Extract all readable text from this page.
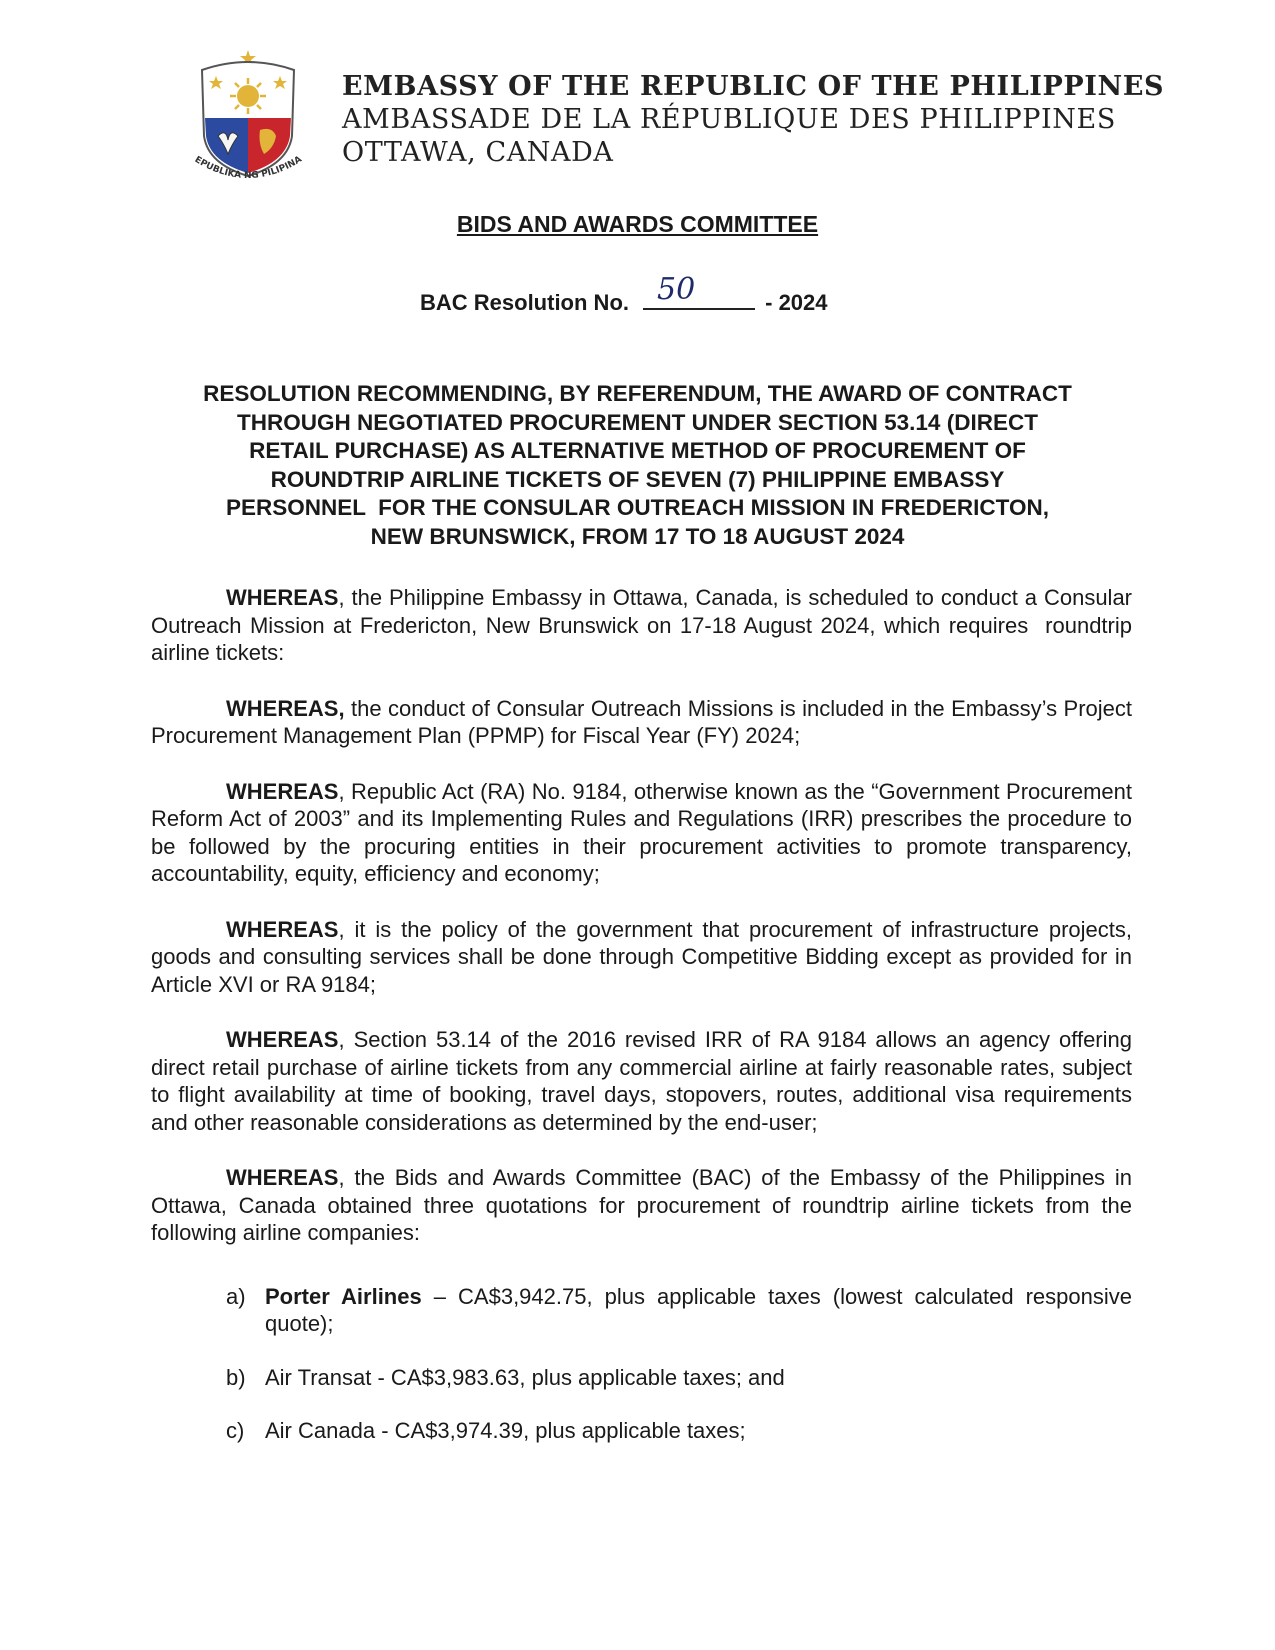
EPUBLIKA NG PILIPINA
EMBASSY OF THE REPUBLIC OF THE PHILIPPINES
AMBASSADE DE LA RÉPUBLIQUE DES PHILIPPINES
OTTAWA, CANADA
BIDS AND AWARDS COMMITTEE
BAC Resolution No. 50	- 2024
RESOLUTION RECOMMENDING, BY REFERENDUM, THE AWARD OF CONTRACT
THROUGH NEGOTIATED PROCUREMENT UNDER SECTION 53.14 (DIRECT
RETAIL PURCHASE) AS ALTERNATIVE METHOD OF PROCUREMENT OF
ROUNDTRIP AIRLINE TICKETS OF SEVEN (7) PHILIPPINE EMBASSY
PERSONNEL  FOR THE CONSULAR OUTREACH MISSION IN FREDERICTON,
NEW BRUNSWICK, FROM 17 TO 18 AUGUST 2024

WHEREAS, the Philippine Embassy in Ottawa, Canada, is scheduled to conduct a Consular Outreach Mission at Fredericton, New Brunswick on 17-18 August 2024, which requires  roundtrip airline tickets:

WHEREAS, the conduct of Consular Outreach Missions is included in the Embassy’s Project Procurement Management Plan (PPMP) for Fiscal Year (FY) 2024;

WHEREAS, Republic Act (RA) No. 9184, otherwise known as the “Government Procurement Reform Act of 2003” and its Implementing Rules and Regulations (IRR) prescribes the procedure to be followed by the procuring entities in their procurement activities to promote transparency, accountability, equity, efficiency and economy;

WHEREAS, it is the policy of the government that procurement of infrastructure projects, goods and consulting services shall be done through Competitive Bidding except as provided for in Article XVI or RA 9184;

WHEREAS, Section 53.14 of the 2016 revised IRR of RA 9184 allows an agency offering direct retail purchase of airline tickets from any commercial airline at fairly reasonable rates, subject to flight availability at time of booking, travel days, stopovers, routes, additional visa requirements and other reasonable considerations as determined by the end-user;

WHEREAS, the Bids and Awards Committee (BAC) of the Embassy of the Philippines in Ottawa, Canada obtained three quotations for procurement of roundtrip airline tickets from the following airline companies:

a) Porter Airlines – CA$3,942.75, plus applicable taxes (lowest calculated responsive quote);
b) Air Transat - CA$3,983.63, plus applicable taxes; and
c) Air Canada - CA$3,974.39, plus applicable taxes;
